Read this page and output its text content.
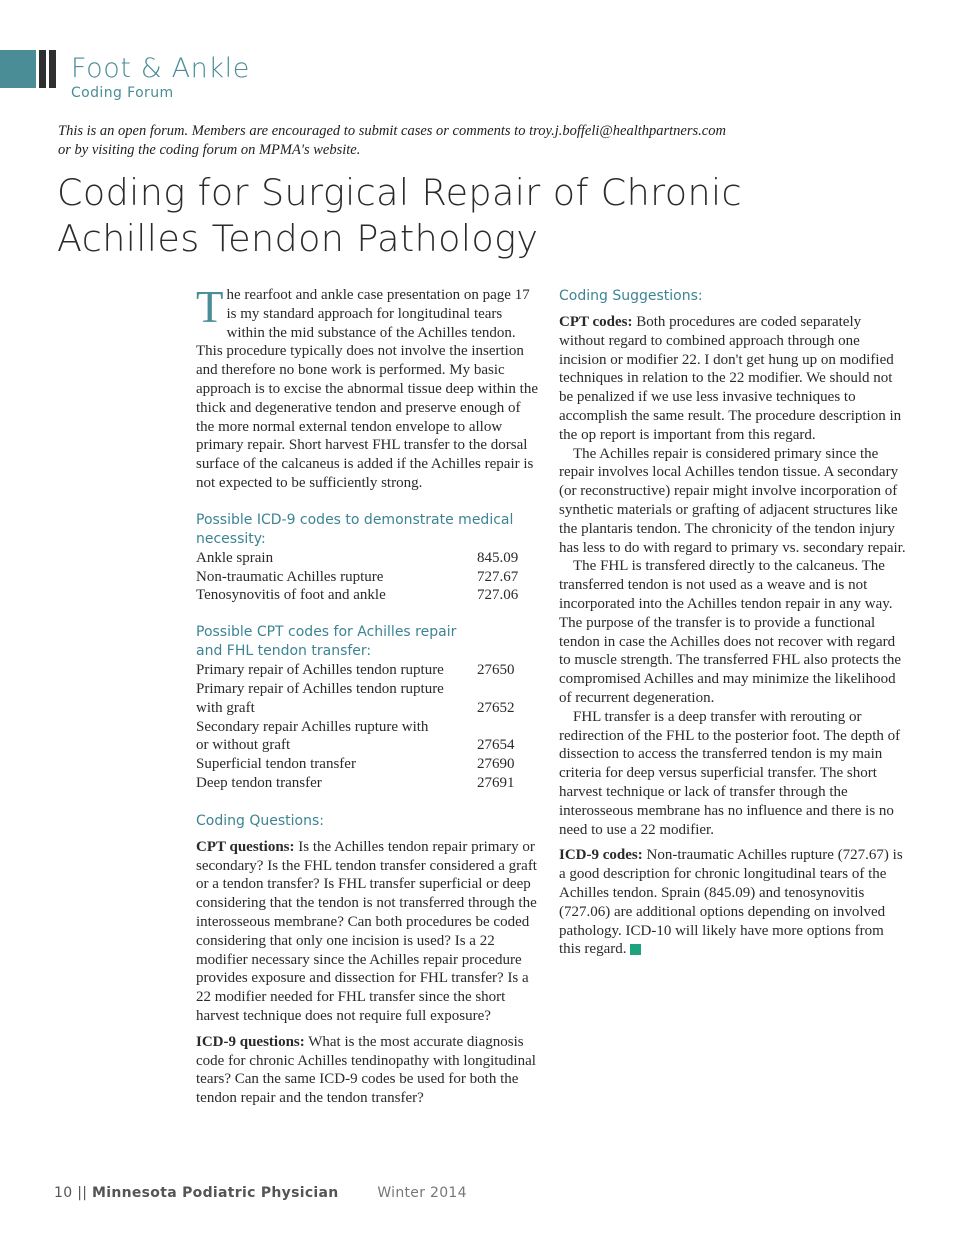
Foot & Ankle
Coding Forum

This is an open forum. Members are encouraged to submit cases or comments to troy.j.boffeli@healthpartners.com

or by visiting the coding forum on MPMA's website.

Coding for Surgical Repair of Chronic

Achilles Tendon Pathology

The rearfoot and ankle case presentation on page 17 is my standard approach for longitudinal tears within the mid substance of the Achilles tendon. This procedure typically does not involve the insertion and therefore no bone work is performed. My basic approach is to excise the abnormal tissue deep within the thick and degenerative tendon and preserve enough of the more normal external tendon envelope to allow primary repair. Short harvest FHL transfer to the dorsal surface of the calcaneus is added if the Achilles repair is not expected to be sufficiently strong.

Possible ICD-9 codes to demonstrate medical necessity:
Ankle sprain	845.09
Non-traumatic Achilles rupture	727.67
Tenosynovitis of foot and ankle	727.06
Possible CPT codes for Achilles repair and FHL tendon transfer:
Primary repair of Achilles tendon rupture	27650
Primary repair of Achilles tendon rupture with graft	27652
Secondary repair Achilles rupture with or without graft	27654
Superficial tendon transfer	27690
Deep tendon transfer	27691
Coding Questions:

CPT questions: Is the Achilles tendon repair primary or secondary? Is the FHL tendon transfer considered a graft or a tendon transfer? Is FHL transfer superficial or deep considering that the tendon is not transferred through the interosseous membrane? Can both procedures be coded considering that only one incision is used? Is a 22 modifier necessary since the Achilles repair procedure provides exposure and dissection for FHL transfer? Is a 22 modifier needed for FHL transfer since the short harvest technique does not require full exposure?

ICD-9 questions: What is the most accurate diagnosis code for chronic Achilles tendinopathy with longitudinal tears? Can the same ICD-9 codes be used for both the tendon repair and the tendon transfer?

Coding Suggestions:

CPT codes: Both procedures are coded separately without regard to combined approach through one incision or modifier 22. I don't get hung up on modified techniques in relation to the 22 modifier. We should not be penalized if we use less invasive techniques to accomplish the same result. The procedure description in the op report is important from this regard.

The Achilles repair is considered primary since the repair involves local Achilles tendon tissue. A secondary (or reconstructive) repair might involve incorporation of synthetic materials or grafting of adjacent structures like the plantaris tendon. The chronicity of the tendon injury has less to do with regard to primary vs. secondary repair.

The FHL is transfered directly to the calcaneus. The transferred tendon is not used as a weave and is not incorporated into the Achilles tendon repair in any way. The purpose of the transfer is to provide a functional tendon in case the Achilles does not recover with regard to muscle strength. The transferred FHL also protects the compromised Achilles and may minimize the likelihood of recurrent degeneration.

FHL transfer is a deep transfer with rerouting or redirection of the FHL to the posterior foot. The depth of dissection to access the transferred tendon is my main criteria for deep versus superficial transfer. The short harvest technique or lack of transfer through the interosseous membrane has no influence and there is no need to use a 22 modifier.

ICD-9 codes: Non-traumatic Achilles rupture (727.67) is a good description for chronic longitudinal tears of the Achilles tendon. Sprain (845.09) and tenosynovitis (727.06) are additional options depending on involved pathology. ICD-10 will likely have more options from this regard.

10 || Minnesota Podiatric Physician	Winter 2014
